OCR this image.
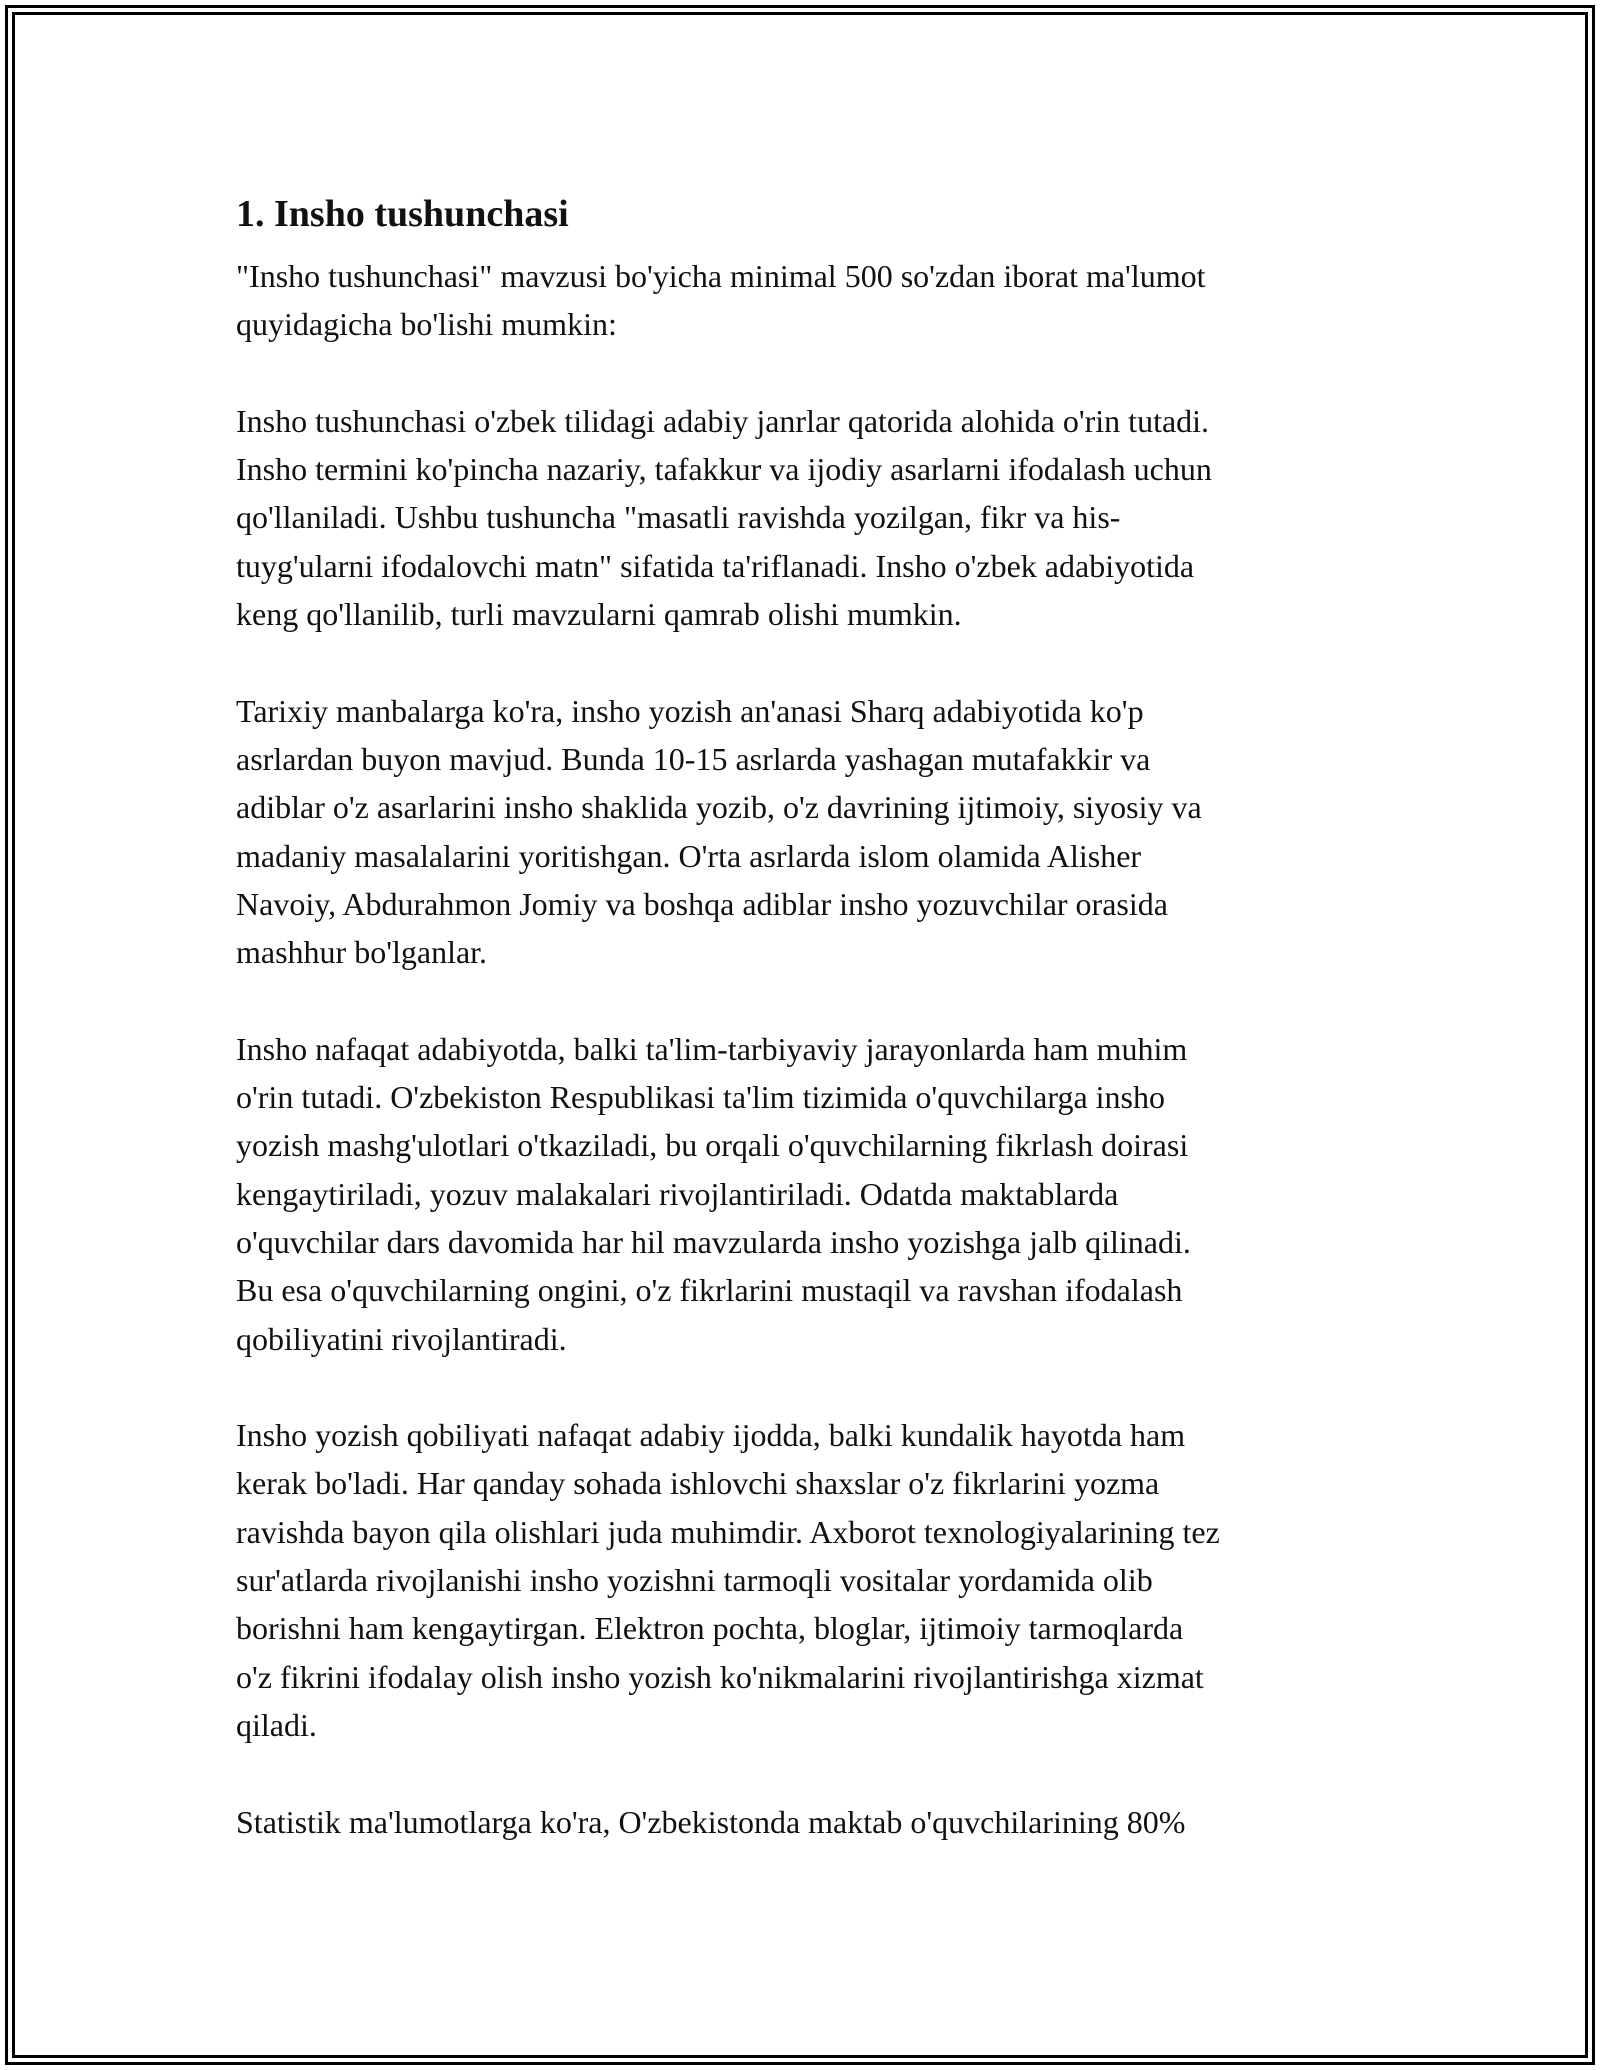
1. Insho tushunchasi

"Insho tushunchasi" mavzusi bo'yicha minimal 500 so'zdan iborat ma'lumot
quyidagicha bo'lishi mumkin:

Insho tushunchasi o'zbek tilidagi adabiy janrlar qatorida alohida o'rin tutadi.
Insho termini ko'pincha nazariy, tafakkur va ijodiy asarlarni ifodalash uchun
qo'llaniladi. Ushbu tushuncha "masatli ravishda yozilgan, fikr va his-
tuyg'ularni ifodalovchi matn" sifatida ta'riflanadi. Insho o'zbek adabiyotida
keng qo'llanilib, turli mavzularni qamrab olishi mumkin.

Tarixiy manbalarga ko'ra, insho yozish an'anasi Sharq adabiyotida ko'p
asrlardan buyon mavjud. Bunda 10-15 asrlarda yashagan mutafakkir va
adiblar o'z asarlarini insho shaklida yozib, o'z davrining ijtimoiy, siyosiy va
madaniy masalalarini yoritishgan. O'rta asrlarda islom olamida Alisher
Navoiy, Abdurahmon Jomiy va boshqa adiblar insho yozuvchilar orasida
mashhur bo'lganlar.

Insho nafaqat adabiyotda, balki ta'lim-tarbiyaviy jarayonlarda ham muhim
o'rin tutadi. O'zbekiston Respublikasi ta'lim tizimida o'quvchilarga insho
yozish mashg'ulotlari o'tkaziladi, bu orqali o'quvchilarning fikrlash doirasi
kengaytiriladi, yozuv malakalari rivojlantiriladi. Odatda maktablarda
o'quvchilar dars davomida har hil mavzularda insho yozishga jalb qilinadi.
Bu esa o'quvchilarning ongini, o'z fikrlarini mustaqil va ravshan ifodalash
qobiliyatini rivojlantiradi.

Insho yozish qobiliyati nafaqat adabiy ijodda, balki kundalik hayotda ham
kerak bo'ladi. Har qanday sohada ishlovchi shaxslar o'z fikrlarini yozma
ravishda bayon qila olishlari juda muhimdir. Axborot texnologiyalarining tez
sur'atlarda rivojlanishi insho yozishni tarmoqli vositalar yordamida olib
borishni ham kengaytirgan. Elektron pochta, bloglar, ijtimoiy tarmoqlarda
o'z fikrini ifodalay olish insho yozish ko'nikmalarini rivojlantirishga xizmat
qiladi.

Statistik ma'lumotlarga ko'ra, O'zbekistonda maktab o'quvchilarining 80%
